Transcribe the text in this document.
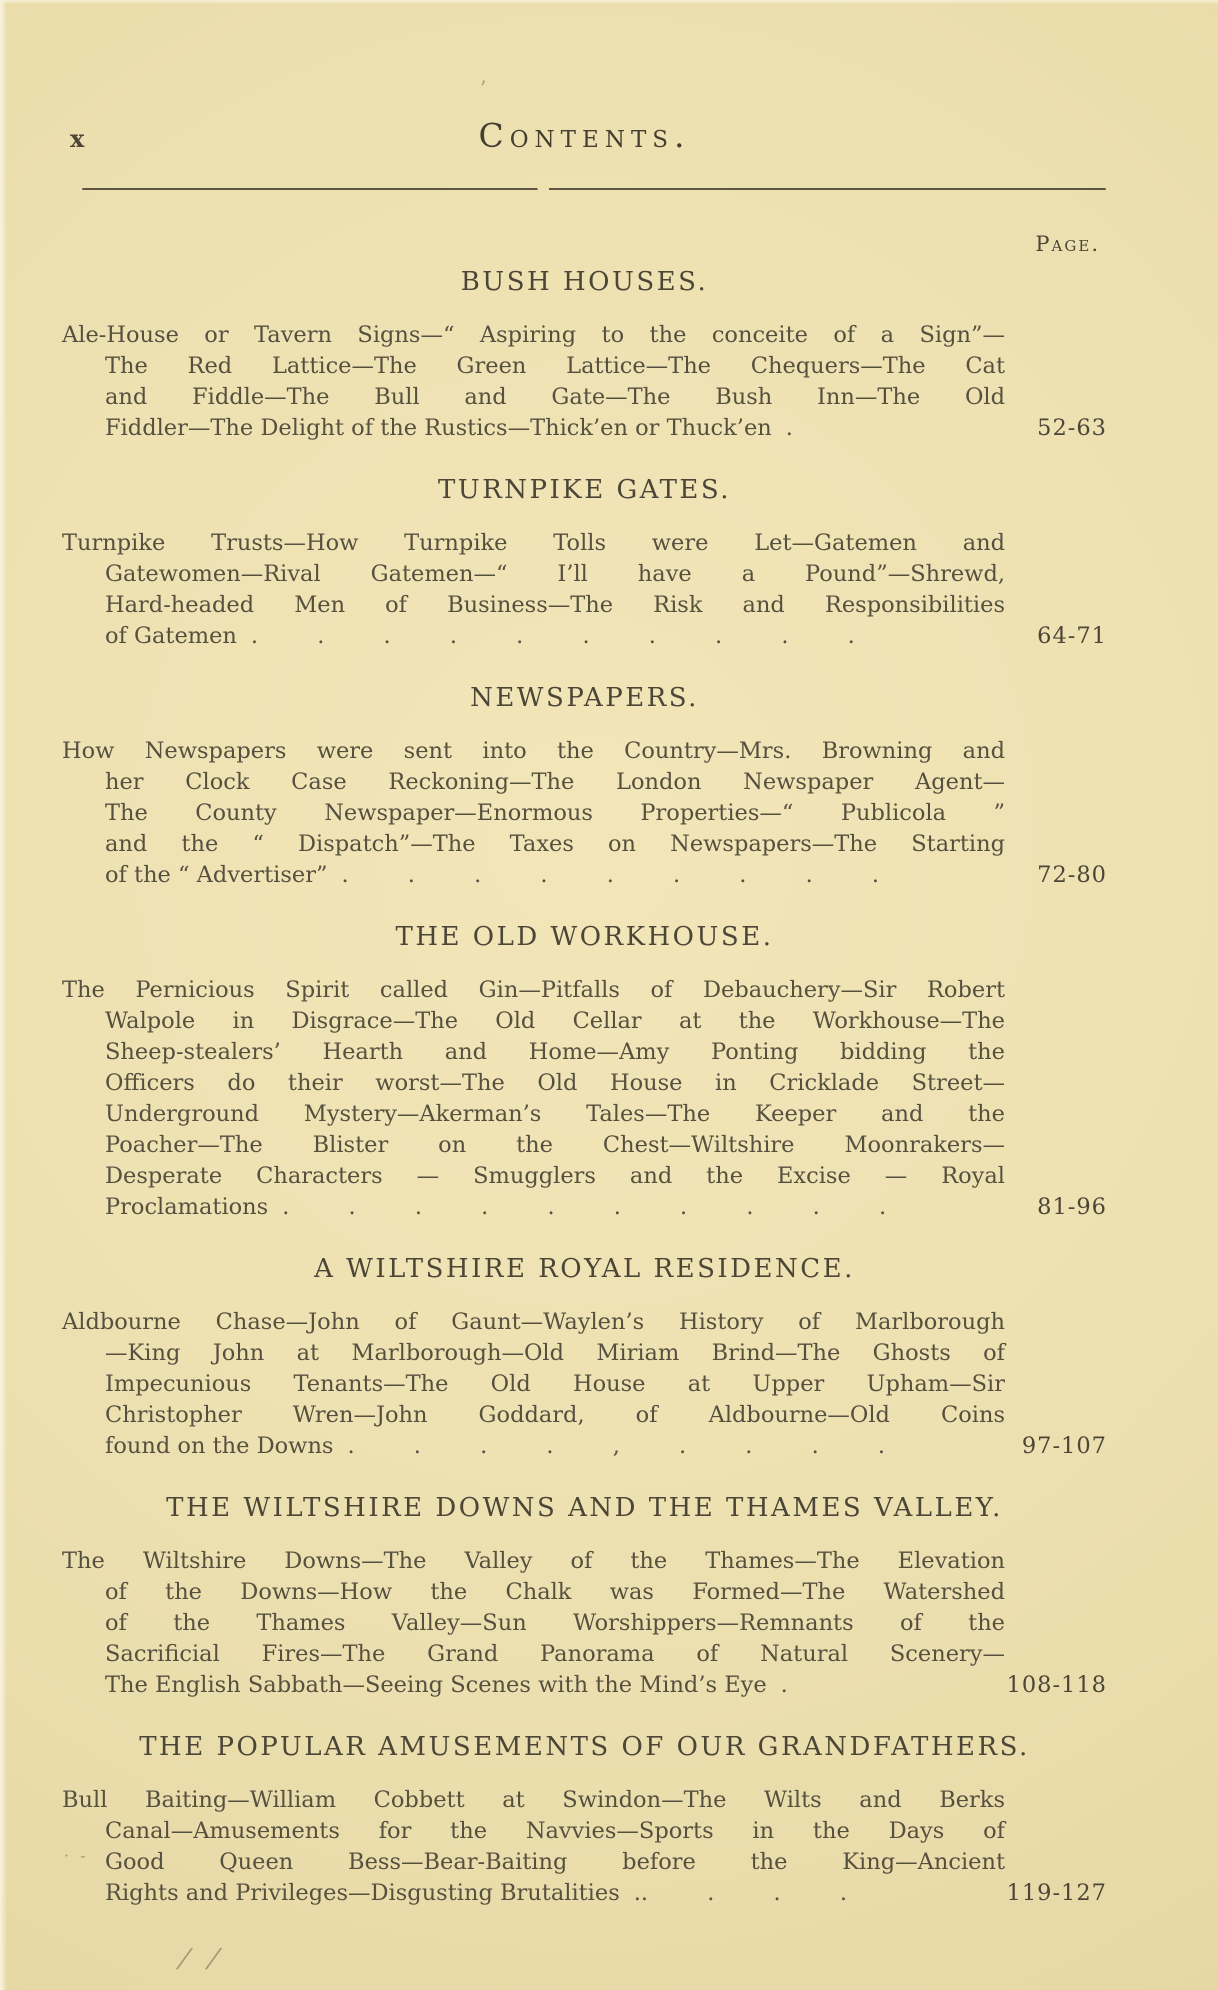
x	Contents.
Page.
BUSH HOUSES.
Ale-House or Tavern Signs—“ Aspiring to the conceite of a Sign”—
The Red Lattice—The Green Lattice—The Chequers—The Cat
and Fiddle—The Bull and Gate—The Bush Inn—The Old
Fiddler—The Delight of the Rustics—Thick’en or Thuck’en .	52-63
TURNPIKE GATES.
Turnpike Trusts—How Turnpike Tolls were Let—Gatemen and
Gatewomen—Rival Gatemen—“ I’ll have a Pound”—Shrewd,
Hard-headed Men of Business—The Risk and Responsibilities
of Gatemen . . . . . . . . . .	64-71
NEWSPAPERS.
How Newspapers were sent into the Country—Mrs. Browning and
her Clock Case Reckoning—The London Newspaper Agent—
The County Newspaper—Enormous Properties—“ Publicola ”
and the “ Dispatch”—The Taxes on Newspapers—The Starting
of the “ Advertiser” . . . . . . . . .	72-80
THE OLD WORKHOUSE.
The Pernicious Spirit called Gin—Pitfalls of Debauchery—Sir Robert
Walpole in Disgrace—The Old Cellar at the Workhouse—The
Sheep-stealers’ Hearth and Home—Amy Ponting bidding the
Officers do their worst—The Old House in Cricklade Street—
Underground Mystery—Akerman’s Tales—The Keeper and the
Poacher—The Blister on the Chest—Wiltshire Moonrakers—
Desperate Characters — Smugglers and the Excise — Royal
Proclamations . . . . . . . . . .	81-96
A WILTSHIRE ROYAL RESIDENCE.
Aldbourne Chase—John of Gaunt—Waylen’s History of Marlborough
—King John at Marlborough—Old Miriam Brind—The Ghosts of
Impecunious Tenants—The Old House at Upper Upham—Sir
Christopher Wren—John Goddard, of Aldbourne—Old Coins
found on the Downs . . . . , . . . .	97-107
THE WILTSHIRE DOWNS AND THE THAMES VALLEY.
The Wiltshire Downs—The Valley of the Thames—The Elevation
of the Downs—How the Chalk was Formed—The Watershed
of the Thames Valley—Sun Worshippers—Remnants of the
Sacrificial Fires—The Grand Panorama of Natural Scenery—
The English Sabbath—Seeing Scenes with the Mind’s Eye .	108-118
THE POPULAR AMUSEMENTS OF OUR GRANDFATHERS.
Bull Baiting—William Cobbett at Swindon—The Wilts and Berks
Canal—Amusements for the Navvies—Sports in the Days of
Good Queen Bess—Bear-Baiting before the King—Ancient
Rights and Privileges—Disgusting Brutalities .. . . .	119-127
’
· -
/ /
